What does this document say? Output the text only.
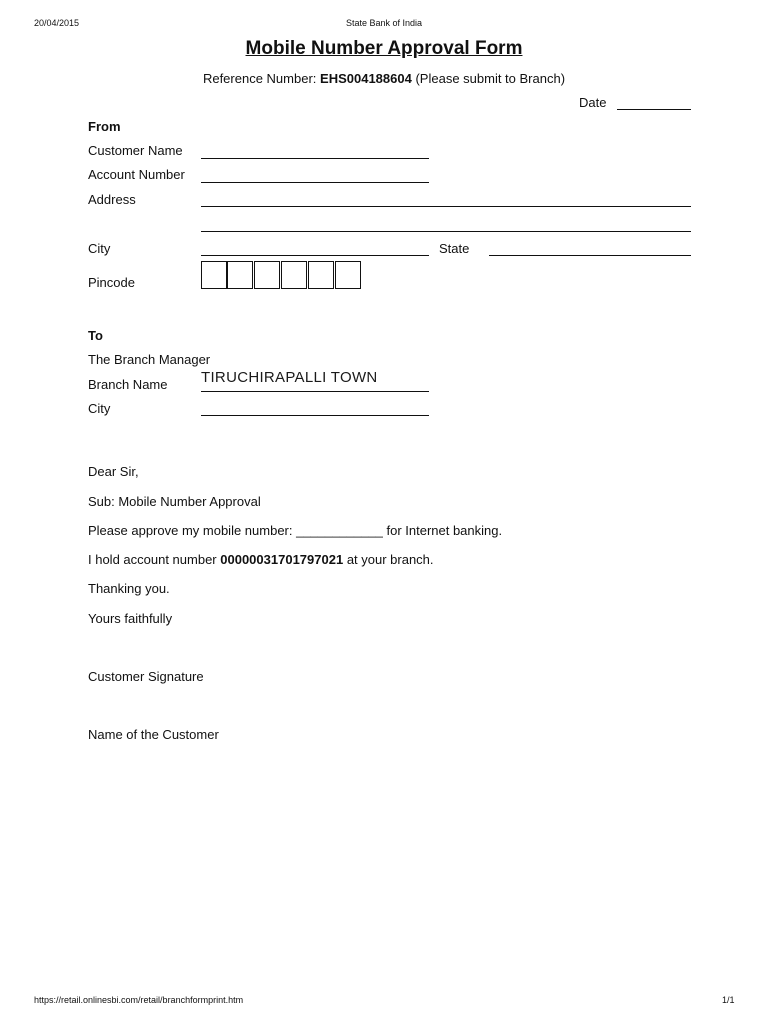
20/04/2015	State Bank of India
Mobile Number Approval Form
Reference Number: EHS004188604 (Please submit to Branch)
Date
From
Customer Name
Account Number
Address
City	State
Pincode
To
The Branch Manager
Branch Name TIRUCHIRAPALLI TOWN
City
Dear Sir,
Sub: Mobile Number Approval
Please approve my mobile number: ____________ for Internet banking.
I hold account number 00000031701797021 at your branch.
Thanking you.
Yours faithfully
Customer Signature
Name of the Customer
https://retail.onlinesbi.com/retail/branchformprint.htm	1/1
